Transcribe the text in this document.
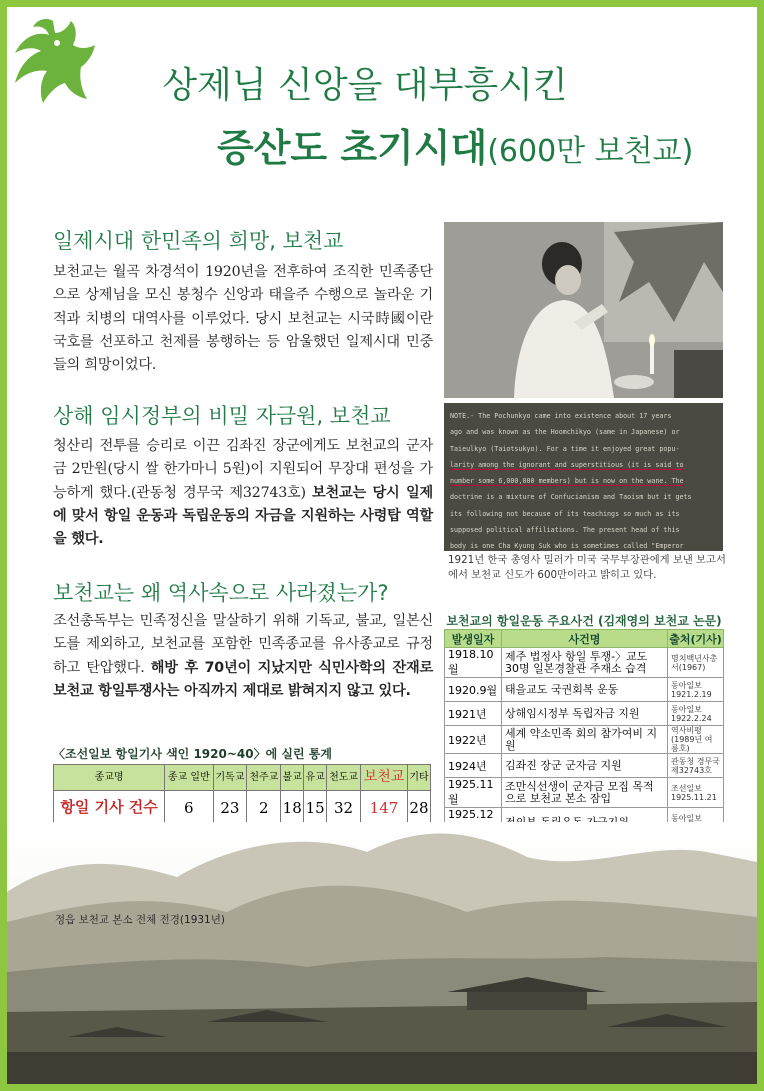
상제님 신앙을 대부흥시킨
증산도 초기시대(600만 보천교)
일제시대 한민족의 희망, 보천교
보천교는 월곡 차경석이 1920년을 전후하여 조직한 민족종단으로 상제님을 모신 봉청수 신앙과 태을주 수행으로 놀라운 기적과 치병의 대역사를 이루었다. 당시 보천교는 시국時國이란 국호를 선포하고 천제를 봉행하는 등 암울했던 일제시대 민중들의 희망이었다.
상해 임시정부의 비밀 자금원, 보천교
청산리 전투를 승리로 이끈 김좌진 장군에게도 보천교의 군자금 2만원(당시 쌀 한가마니 5원)이 지원되어 무장대 편성을 가능하게 했다.(관동청 경무국 제32743호) 보천교는 당시 일제에 맞서 항일 운동과 독립운동의 자금을 지원하는 사령탑 역할을 했다.
보천교는 왜 역사속으로 사라졌는가?
조선총독부는 민족정신을 말살하기 위해 기독교, 불교, 일본신도를 제외하고, 보천교를 포함한 민족종교를 유사종교로 규정하고 탄압했다. 해방 후 70년이 지났지만 식민사학의 잔재로 보천교 항일투쟁사는 아직까지 제대로 밝혀지지 않고 있다.
NOTE.- The Pochunkyo came into existence about 17 years
ago and was known as the Hoomchikyo (same in Japanese) or
Taieulkyo (Taiotsukyo). For a time it enjoyed great popu-
larity among the ignorant and superstitious (it is said to
number some 6,000,000 members) but is now on the wane. The
doctrine is a mixture of Confucianism and Taoism but it gets
its following not because of its teachings so much as its
supposed political affiliations. The present head of this
body is one Cha Kyung Suk who is sometimes called "Emperor
1921년 한국 총영사 밀러가 미국 국무부장관에게 보낸 보고서에서 보천교 신도가 600만이라고 밝히고 있다.
보천교의 항일운동 주요사건 (김재영의 보천교 논문)
발생일자	사건명	출처(기사)
1918.10월	제주 법정사 항일 투쟁-〉교도 30명 일본경찰관 주재소 습격	명치백년사총서(1967)
1920.9월	태을교도 국권회복 운동	동아일보 1921.2.19
1921년	상해임시정부 독립자금 지원	동아일보 1922.2.24
1922년	세계 약소민족 회의 참가여비 지원	역사비평(1989년 여름호)
1924년	김좌진 장군 군자금 지원	관동청 경무국 제32743호
1925.11월	조만식선생이 군자금 모집 목적으로 보천교 본소 잠입	조선일보 1925.11.21
1925.12		동아일보
〈조선일보 항일기사 색인 1920~40〉에 실린 통계
종교명	종교 일반	기독교	천주교	불교	유교	천도교	보천교	기타
항일 기사 건수	6	23	2	18	15	32	147	28
정읍 보천교 본소 전체 전경(1931년)
